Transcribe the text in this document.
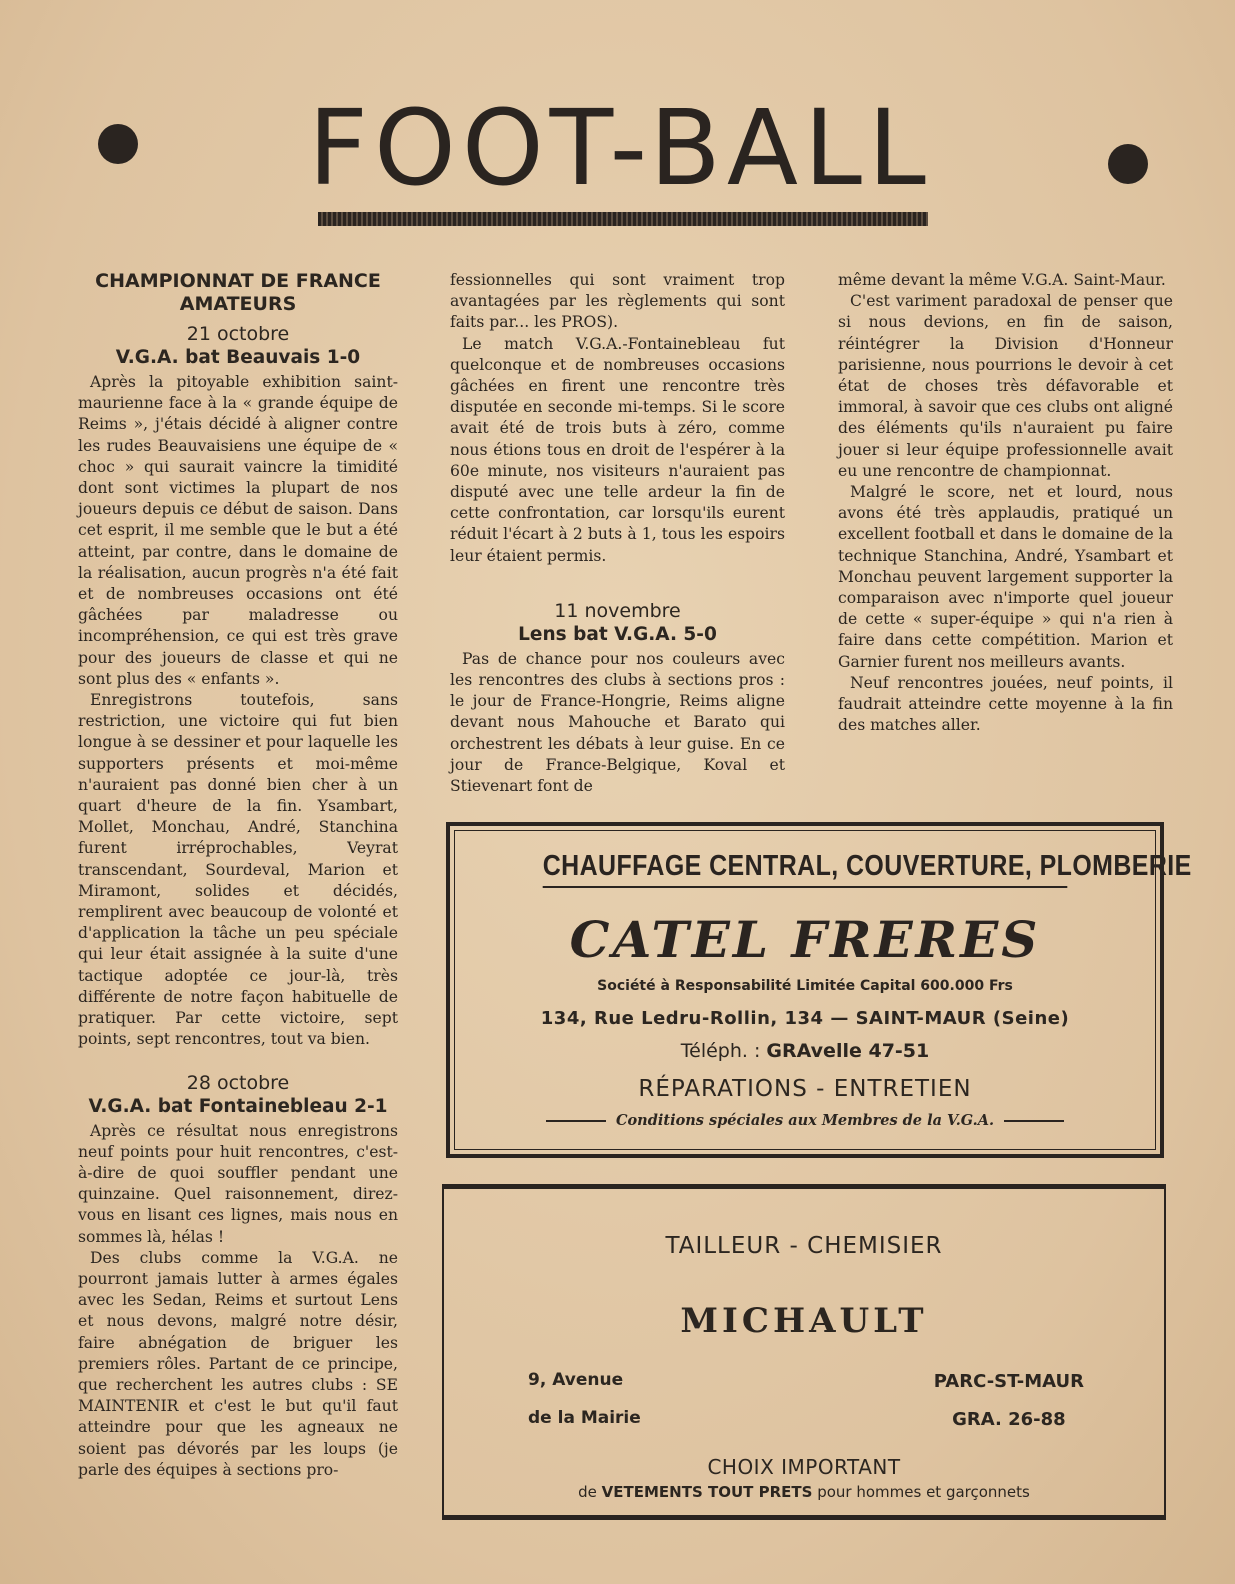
FOOT-BALL
CHAMPIONNAT DE FRANCE
AMATEURS
21 octobre
V.G.A. bat Beauvais 1-0

Après la pitoyable exhibition saint-maurienne face à la « grande équipe de Reims », j'étais décidé à aligner contre les rudes Beauvaisiens une équipe de « choc » qui saurait vaincre la timidité dont sont victimes la plupart de nos joueurs depuis ce début de saison. Dans cet esprit, il me semble que le but a été atteint, par contre, dans le domaine de la réalisation, aucun progrès n'a été fait et de nombreuses occasions ont été gâchées par maladresse ou incompréhension, ce qui est très grave pour des joueurs de classe et qui ne sont plus des « enfants ».

Enregistrons toutefois, sans restriction, une victoire qui fut bien longue à se dessiner et pour laquelle les supporters présents et moi-même n'auraient pas donné bien cher à un quart d'heure de la fin. Ysambart, Mollet, Monchau, André, Stanchina furent irréprochables, Veyrat transcendant, Sourdeval, Marion et Miramont, solides et décidés, remplirent avec beaucoup de volonté et d'application la tâche un peu spéciale qui leur était assignée à la suite d'une tactique adoptée ce jour-là, très différente de notre façon habituelle de pratiquer. Par cette victoire, sept points, sept rencontres, tout va bien.

28 octobre
V.G.A. bat Fontainebleau 2-1

Après ce résultat nous enregistrons neuf points pour huit rencontres, c'est-à-dire de quoi souffler pendant une quinzaine. Quel raisonnement, direz-vous en lisant ces lignes, mais nous en sommes là, hélas !

Des clubs comme la V.G.A. ne pourront jamais lutter à armes égales avec les Sedan, Reims et surtout Lens et nous devons, malgré notre désir, faire abnégation de briguer les premiers rôles. Partant de ce principe, que recherchent les autres clubs : SE MAINTENIR et c'est le but qu'il faut atteindre pour que les agneaux ne soient pas dévorés par les loups (je parle des équipes à sections pro-

fessionnelles qui sont vraiment trop avantagées par les règlements qui sont faits par... les PROS).

Le match V.G.A.-Fontainebleau fut quelconque et de nombreuses occasions gâchées en firent une rencontre très disputée en seconde mi-temps. Si le score avait été de trois buts à zéro, comme nous étions tous en droit de l'espérer à la 60e minute, nos visiteurs n'auraient pas disputé avec une telle ardeur la fin de cette confrontation, car lorsqu'ils eurent réduit l'écart à 2 buts à 1, tous les espoirs leur étaient permis.

11 novembre
Lens bat V.G.A. 5-0

Pas de chance pour nos couleurs avec les rencontres des clubs à sections pros : le jour de France-Hongrie, Reims aligne devant nous Mahouche et Barato qui orchestrent les débats à leur guise. En ce jour de France-Belgique, Koval et Stievenart font de

même devant la même V.G.A. Saint-Maur.

C'est variment paradoxal de penser que si nous devions, en fin de saison, réintégrer la Division d'Honneur parisienne, nous pourrions le devoir à cet état de choses très défavorable et immoral, à savoir que ces clubs ont aligné des éléments qu'ils n'auraient pu faire jouer si leur équipe professionnelle avait eu une rencontre de championnat.

Malgré le score, net et lourd, nous avons été très applaudis, pratiqué un excellent football et dans le domaine de la technique Stanchina, André, Ysambart et Monchau peuvent largement supporter la comparaison avec n'importe quel joueur de cette « super-équipe » qui n'a rien à faire dans cette compétition. Marion et Garnier furent nos meilleurs avants.

Neuf rencontres jouées, neuf points, il faudrait atteindre cette moyenne à la fin des matches aller.

CHAUFFAGE CENTRAL, COUVERTURE, PLOMBERIE
CATEL FRERES
Société à Responsabilité Limitée Capital 600.000 Frs
134, Rue Ledru-Rollin, 134 — SAINT-MAUR (Seine)
Téléph. : GRAvelle 47-51
RÉPARATIONS - ENTRETIEN
Conditions spéciales aux Membres de la V.G.A.
TAILLEUR - CHEMISIER
MICHAULT
9, Avenue
de la Mairie
PARC-ST-MAUR
GRA. 26-88
CHOIX IMPORTANT
de VETEMENTS TOUT PRETS pour hommes et garçonnets
